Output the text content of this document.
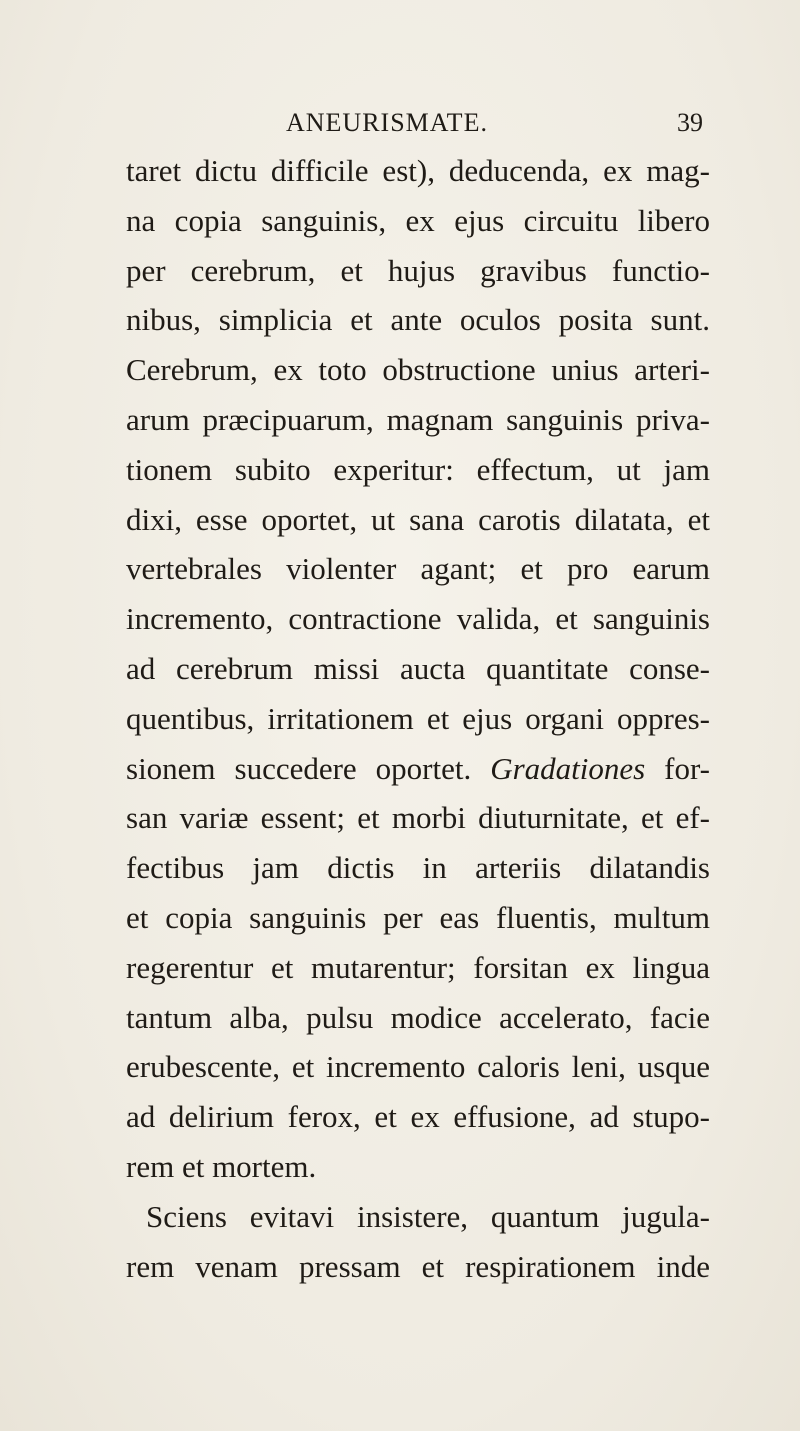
ANEURISMATE.	39
taret dictu difficile est), deducenda, ex mag-
na copia sanguinis, ex ejus circuitu libero
per cerebrum, et hujus gravibus functio-
nibus, simplicia et ante oculos posita sunt.
Cerebrum, ex toto obstructione unius arteri-
arum præcipuarum, magnam sanguinis priva-
tionem subito experitur: effectum, ut jam
dixi, esse oportet, ut sana carotis dilatata, et
vertebrales violenter agant; et pro earum
incremento, contractione valida, et sanguinis
ad cerebrum missi aucta quantitate conse-
quentibus, irritationem et ejus organi oppres-
sionem succedere oportet. Gradationes for-
san variæ essent; et morbi diuturnitate, et ef-
fectibus jam dictis in arteriis dilatandis
et copia sanguinis per eas fluentis, multum
regerentur et mutarentur; forsitan ex lingua
tantum alba, pulsu modice accelerato, facie
erubescente, et incremento caloris leni, usque
ad delirium ferox, et ex effusione, ad stupo-
rem et mortem.
Sciens evitavi insistere, quantum jugula-
rem venam pressam et respirationem inde
